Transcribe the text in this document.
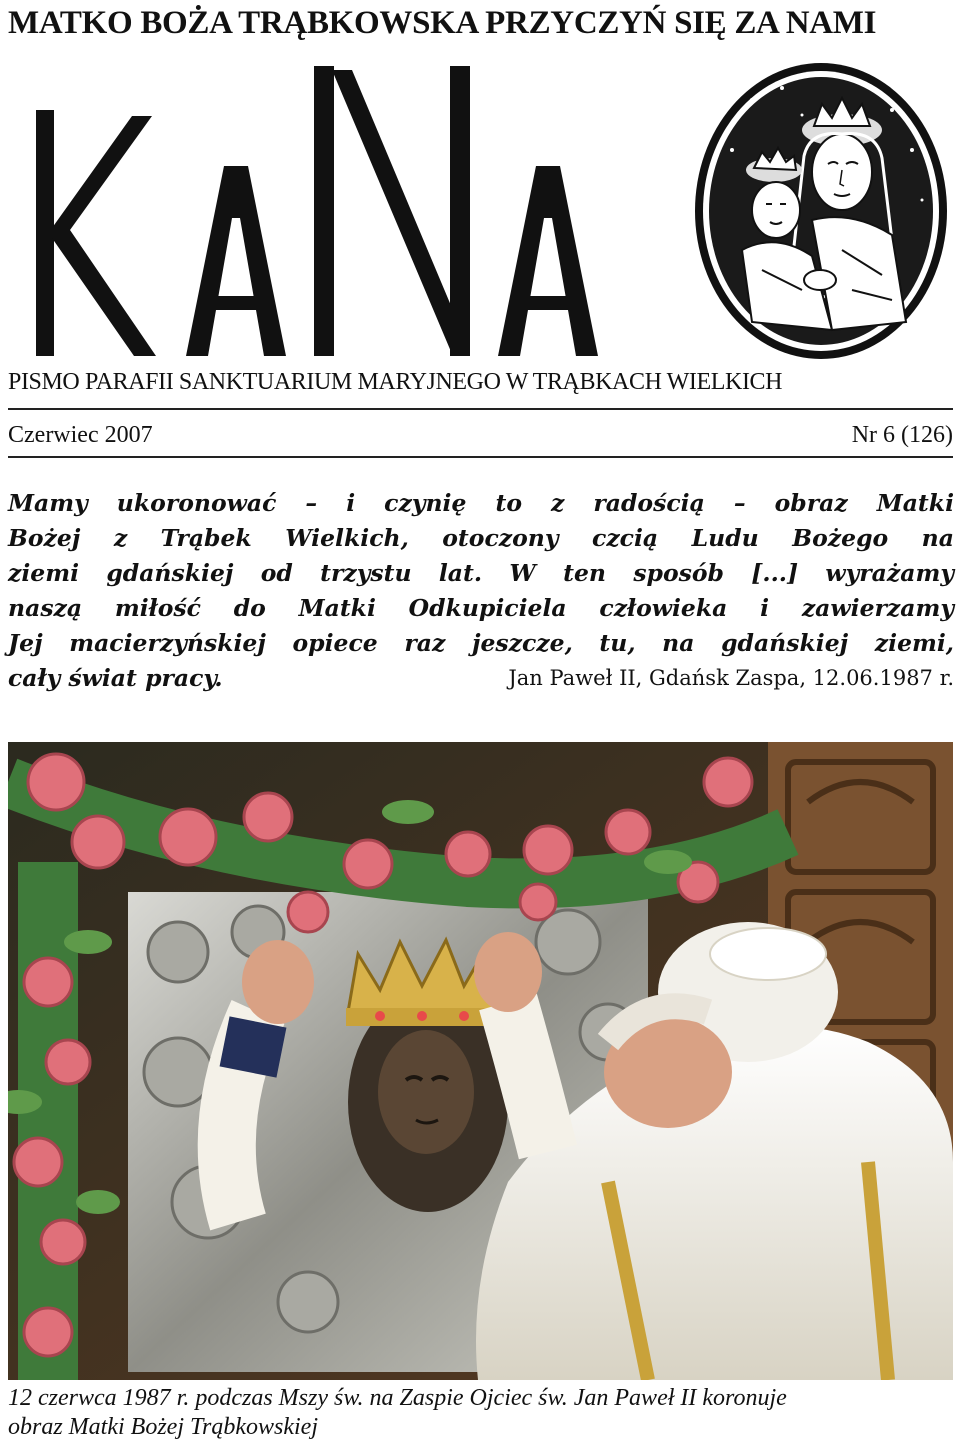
MATKO BOŻA TRĄBKOWSKA PRZYCZYŃ SIĘ ZA NAMI
PISMO PARAFII SANKTUARIUM MARYJNEGO W TRĄBKACH WIELKICH
Czerwiec 2007	Nr 6 (126)
Mamy ukoronować – i czynię to z radością – obraz Matki
Bożej z Trąbek Wielkich, otoczony czcią Ludu Bożego na
ziemi gdańskiej od trzystu lat. W ten sposób [...] wyrażamy
naszą miłość do Matki Odkupiciela człowieka i zawierzamy
Jej macierzyńskiej opiece raz jeszcze, tu, na gdańskiej ziemi,
cały świat pracy.	Jan Paweł II, Gdańsk Zaspa, 12.06.1987 r.
12 czerwca 1987 r. podczas Mszy św. na Zaspie Ojciec św. Jan Paweł II koronuje
obraz Matki Bożej Trąbkowskiej
